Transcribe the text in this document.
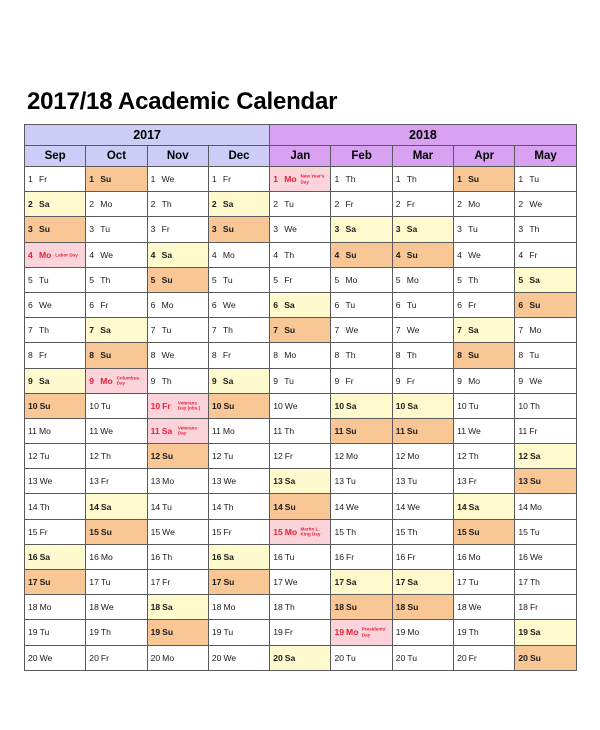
2017/18 Academic Calendar
2017				2018				
Sep	Oct	Nov	Dec	Jan	Feb	Mar	Apr	May
1 Fr	1 Su	1 We	1 Fr	1 Mo New Year's Day	1 Th	1 Th	1 Su	1 Tu
2 Sa	2 Mo	2 Th	2 Sa	2 Tu	2 Fr	2 Fr	2 Mo	2 We
3 Su	3 Tu	3 Fr	3 Su	3 We	3 Sa	3 Sa	3 Tu	3 Th
4 Mo Labor Day	4 We	4 Sa	4 Mo	4 Th	4 Su	4 Su	4 We	4 Fr
5 Tu	5 Th	5 Su	5 Tu	5 Fr	5 Mo	5 Mo	5 Th	5 Sa
6 We	6 Fr	6 Mo	6 We	6 Sa	6 Tu	6 Tu	6 Fr	6 Su
7 Th	7 Sa	7 Tu	7 Th	7 Su	7 We	7 We	7 Sa	7 Mo
8 Fr	8 Su	8 We	8 Fr	8 Mo	8 Th	8 Th	8 Su	8 Tu
9 Sa	9 Mo Columbus Day	9 Th	9 Sa	9 Tu	9 Fr	9 Fr	9 Mo	9 We
10 Su	10 Tu	10 Fr Veterans Day (obs.)	10 Su	10 We	10 Sa	10 Sa	10 Tu	10 Th
11 Mo	11 We	11 Sa Veterans Day	11 Mo	11 Th	11 Su	11 Su	11 We	11 Fr
12 Tu	12 Th	12 Su	12 Tu	12 Fr	12 Mo	12 Mo	12 Th	12 Sa
13 We	13 Fr	13 Mo	13 We	13 Sa	13 Tu	13 Tu	13 Fr	13 Su
14 Th	14 Sa	14 Tu	14 Th	14 Su	14 We	14 We	14 Sa	14 Mo
15 Fr	15 Su	15 We	15 Fr	15 Mo Martin L. King Day	15 Th	15 Th	15 Su	15 Tu
16 Sa	16 Mo	16 Th	16 Sa	16 Tu	16 Fr	16 Fr	16 Mo	16 We
17 Su	17 Tu	17 Fr	17 Su	17 We	17 Sa	17 Sa	17 Tu	17 Th
18 Mo	18 We	18 Sa	18 Mo	18 Th	18 Su	18 Su	18 We	18 Fr
19 Tu	19 Th	19 Su	19 Tu	19 Fr	19 Mo Presidents' Day	19 Mo	19 Th	19 Sa
20 We	20 Fr	20 Mo	20 We	20 Sa	20 Tu	20 Tu	20 Fr	20 Su
